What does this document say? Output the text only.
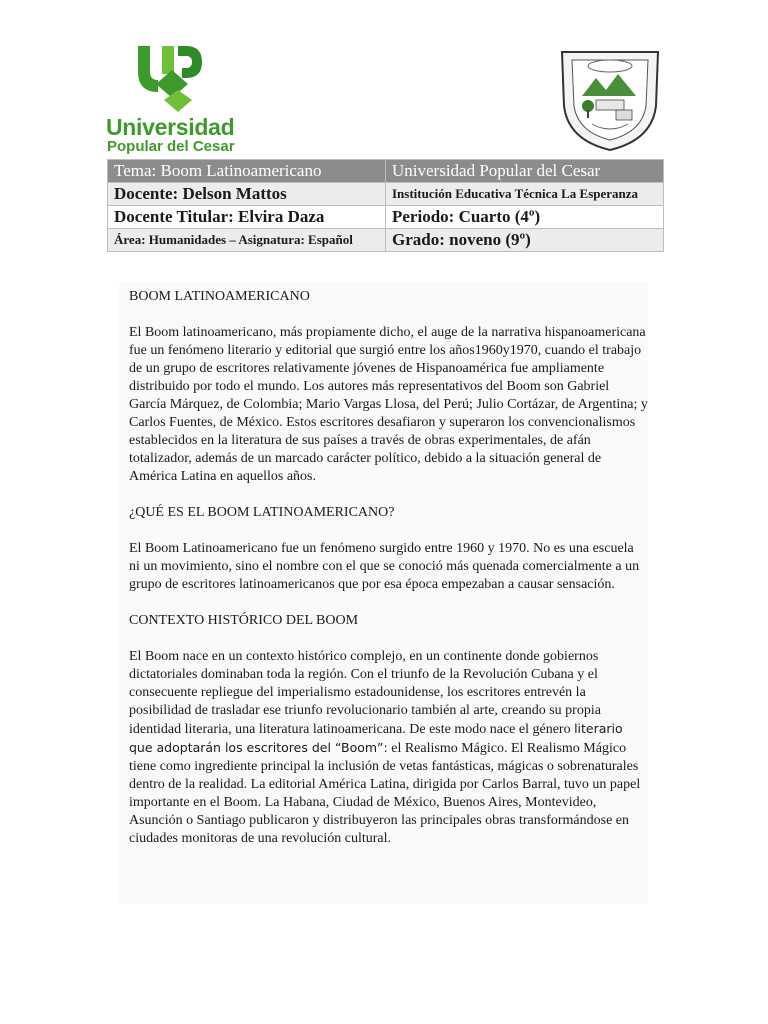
Universidad
Popular del Cesar
Tema: Boom Latinoamericano	Universidad Popular del Cesar
Docente: Delson Mattos	Institución Educativa Técnica La Esperanza
Docente Titular: Elvira Daza	Periodo: Cuarto (4º)
Área: Humanidades – Asignatura: Español	Grado: noveno (9º)

BOOM LATINOAMERICANO

El Boom latinoamericano, más propiamente dicho, el auge de la narrativa hispanoamericana fue un fenómeno literario y editorial que surgió entre los años1960y1970, cuando el trabajo de un grupo de escritores relativamente jóvenes de Hispanoamérica fue ampliamente distribuido por todo el mundo. Los autores más representativos del Boom son Gabriel García Márquez, de Colombia; Mario Vargas Llosa, del Perú; Julio Cortázar, de Argentina; y Carlos Fuentes, de México. Estos escritores desafiaron y superaron los convencionalismos establecidos en la literatura de sus países a través de obras experimentales, de afán totalizador, además de un marcado carácter político, debido a la situación general de América Latina en aquellos años.

¿QUÉ ES EL BOOM LATINOAMERICANO?

El Boom Latinoamericano fue un fenómeno surgido entre 1960 y 1970. No es una escuela ni un movimiento, sino el nombre con el que se conoció más quenada comercialmente a un grupo de escritores latinoamericanos que por esa época empezaban a causar sensación.

CONTEXTO HISTÓRICO DEL BOOM

El Boom nace en un contexto histórico complejo, en un continente donde gobiernos dictatoriales dominaban toda la región. Con el triunfo de la Revolución Cubana y el consecuente repliegue del imperialismo estadounidense, los escritores entrevén la posibilidad de trasladar ese triunfo revolucionario también al arte, creando su propia identidad literaria, una literatura latinoamericana. De este modo nace el género literario que adoptarán los escritores del “Boom”: el Realismo Mágico. El Realismo Mágico tiene como ingrediente principal la inclusión de vetas fantásticas, mágicas o sobrenaturales dentro de la realidad. La editorial América Latina, dirigida por Carlos Barral, tuvo un papel importante en el Boom. La Habana, Ciudad de México, Buenos Aires, Montevideo, Asunción o Santiago publicaron y distribuyeron las principales obras transformándose en ciudades monitoras de una revolución cultural.
